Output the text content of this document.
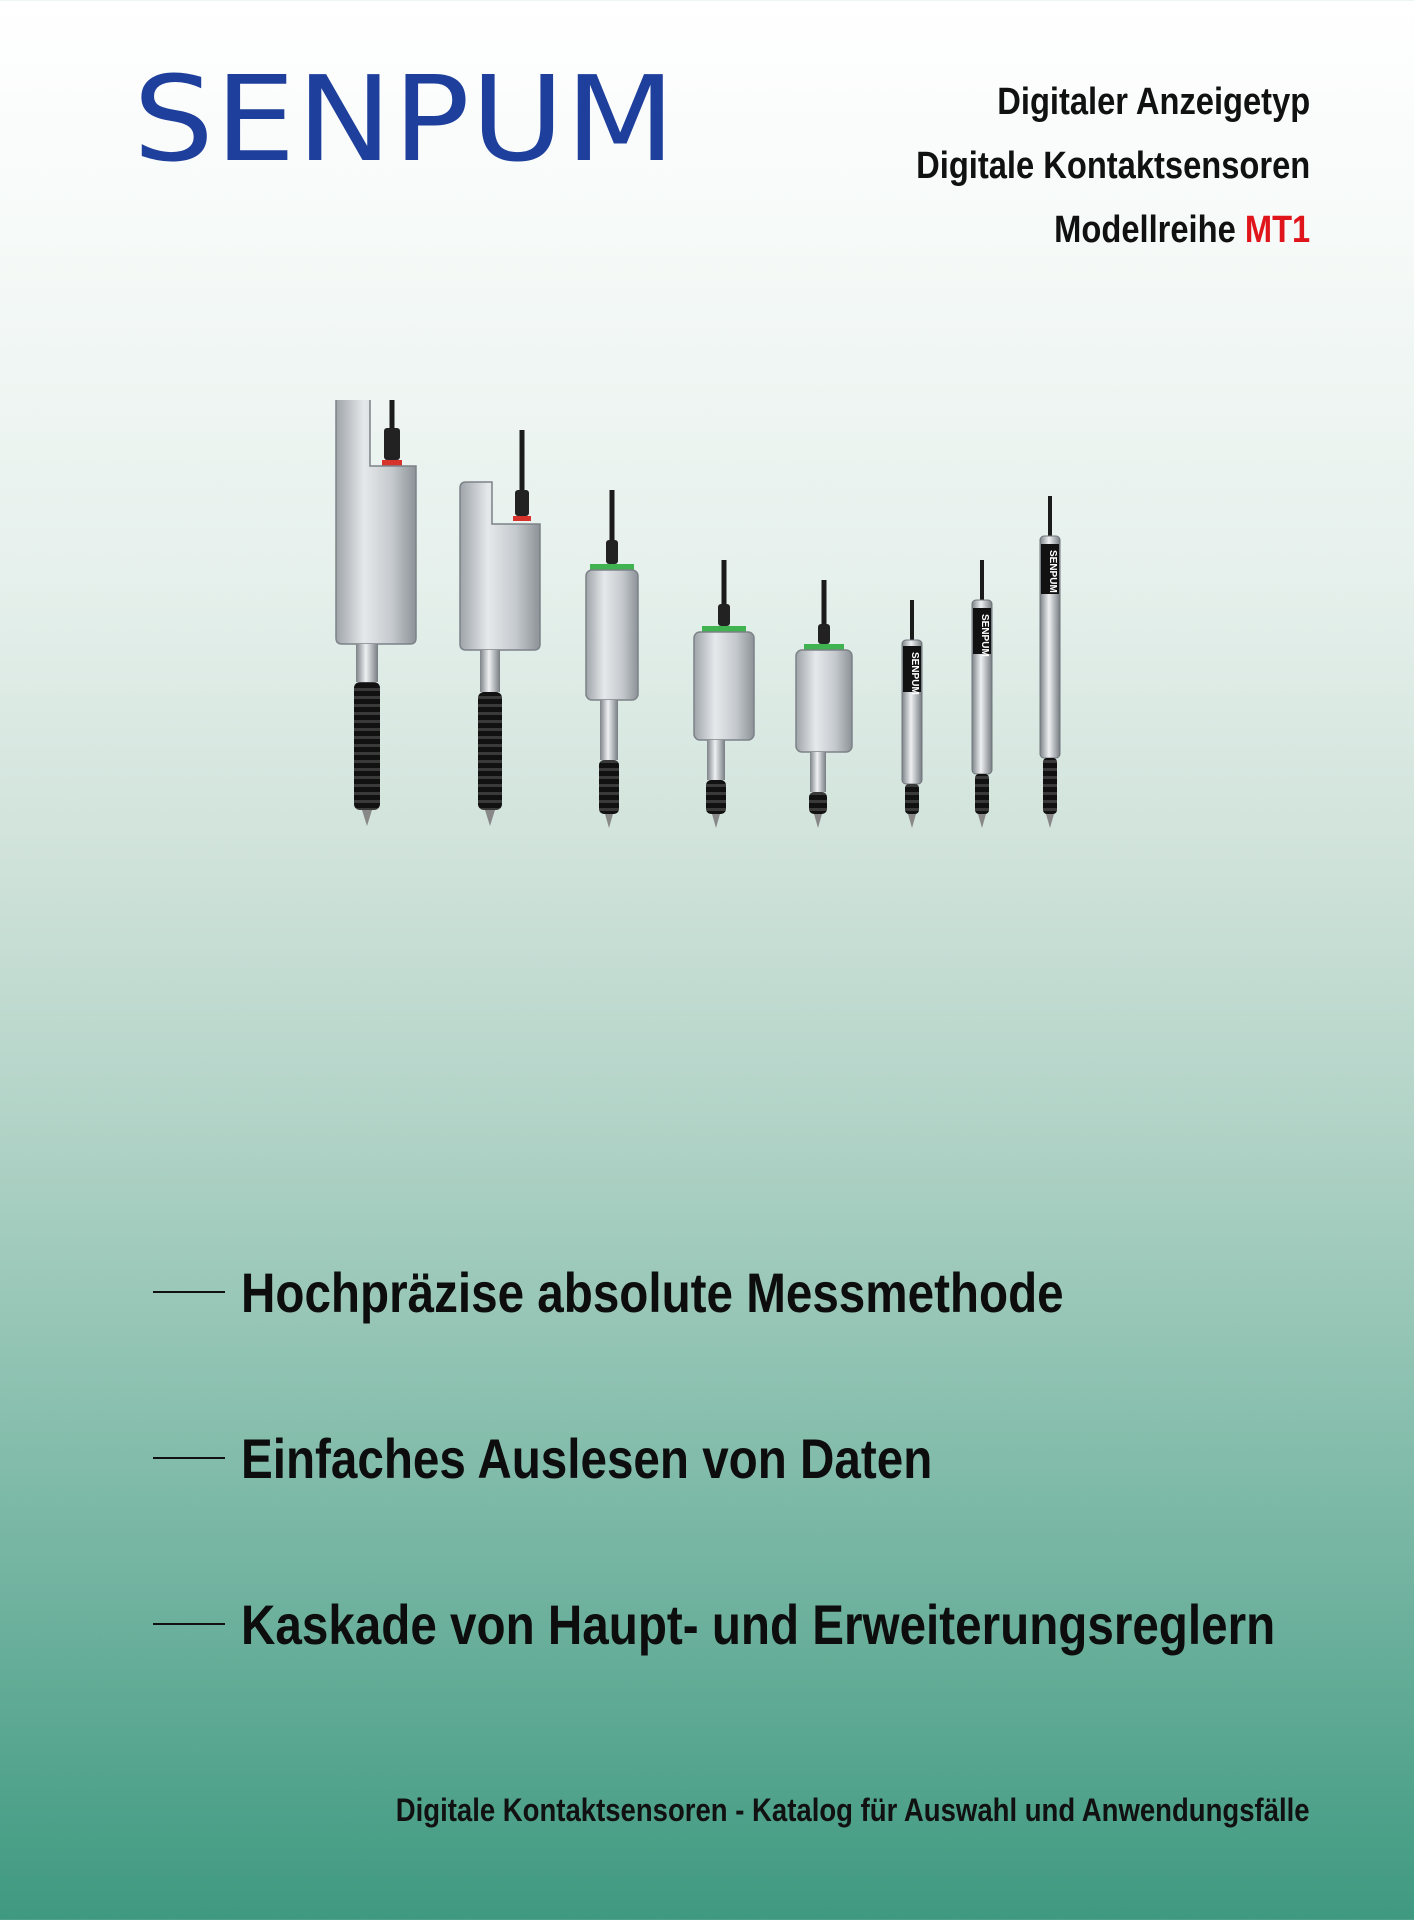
SENPUM	Digitaler Anzeigetyp
Digitale Kontaktsensoren
Modellreihe MT1
SENPUM
SENPUM
SENPUM
Hochpräzise absolute Messmethode
Einfaches Auslesen von Daten
Kaskade von Haupt- und Erweiterungsreglern
Digitale Kontaktsensoren - Katalog für Auswahl und Anwendungsfälle
